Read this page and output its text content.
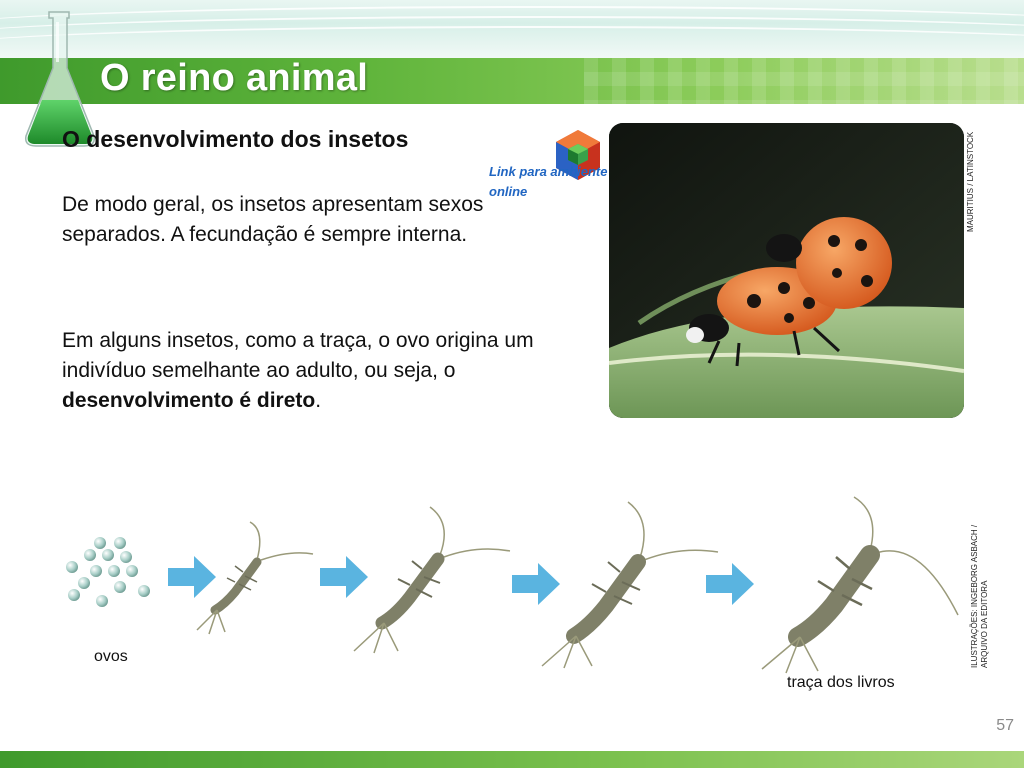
O reino animal
O desenvolvimento dos insetos

De modo geral, os insetos apresentam sexos separados. A fecundação é sempre interna.

Em alguns insetos, como a traça, o ovo origina um indivíduo semelhante ao adulto, ou seja, o desenvolvimento é direto.

Link para ambiente online	MAURITIUS / LATINSTOCK
ILUSTRAÇÕES: INGEBORG ASBACH /
ARQUIVO DA EDITORA
ovos
traça dos livros
57
